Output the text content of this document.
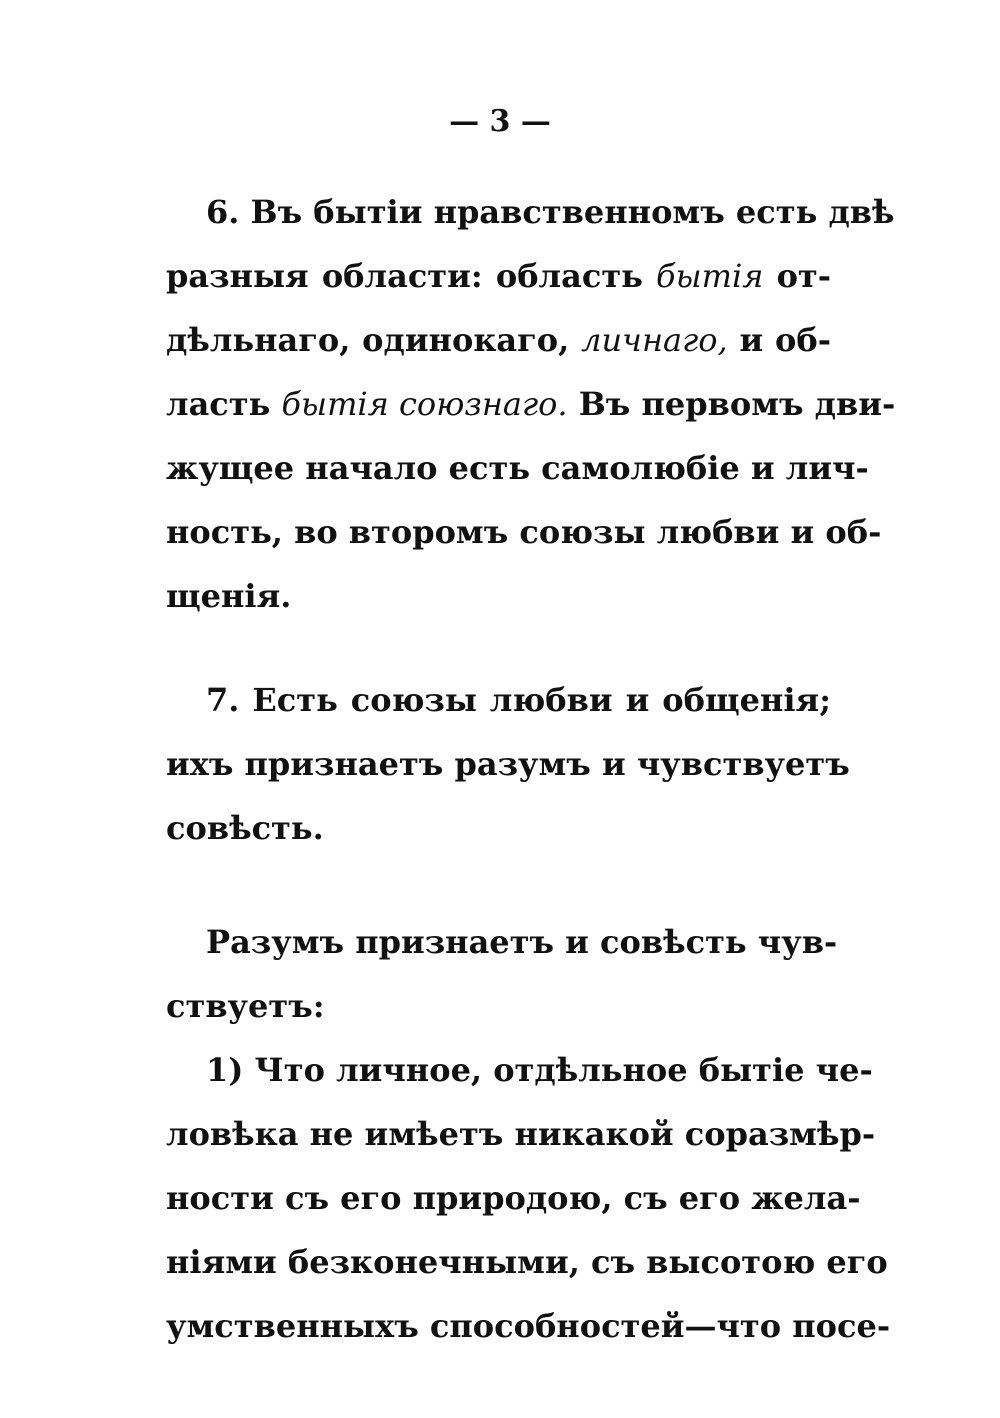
— 3 —
6. Въ бытіи нравственномъ есть двѣ
разныя области: область бытія от-
дѣльнаго, одинокаго, личнаго, и об-
ласть бытія союзнаго. Въ первомъ дви-
жущее начало есть самолюбіе и лич-
ность, во второмъ союзы любви и об-
щенія.
7. Есть союзы любви и общенія;
ихъ признаетъ разумъ и чувствуетъ
совѣсть.
Разумъ признаетъ и совѣсть чув-
ствуетъ:
1) Что личное, отдѣльное бытіе че-
ловѣка не имѣетъ никакой соразмѣр-
ности съ его природою, съ его жела-
ніями безконечными, съ высотою его
умственныхъ способностей—что посе-
